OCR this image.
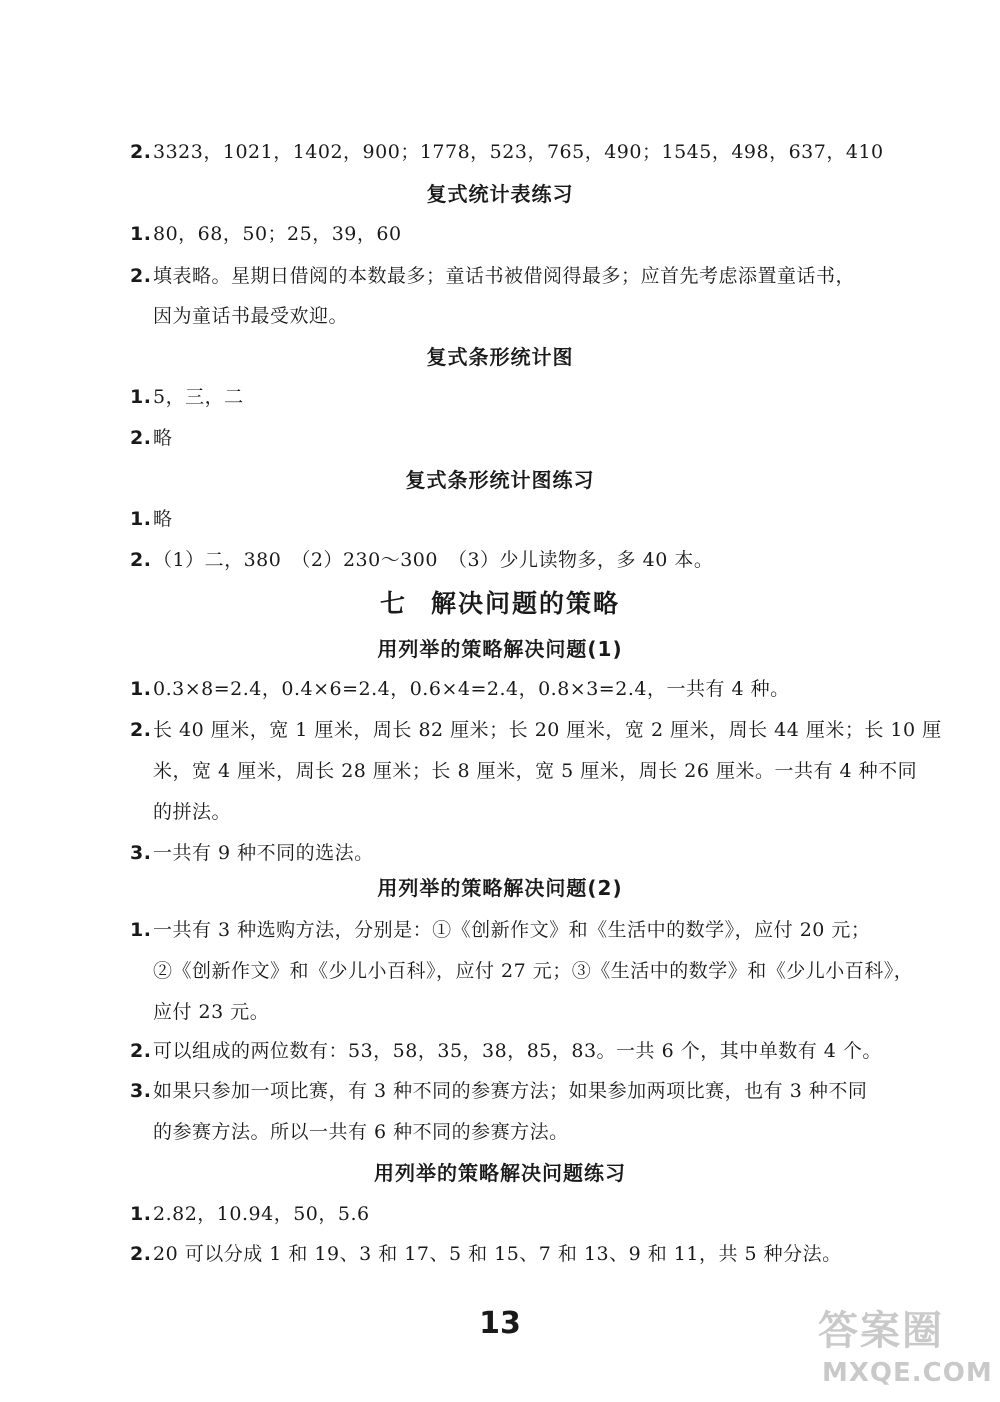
2.3323，1021，1402，900；1778，523，765，490；1545，498，637，410
复式统计表练习
1.80，68，50；25，39，60
2.填表略。星期日借阅的本数最多；童话书被借阅得最多；应首先考虑添置童话书，
因为童话书最受欢迎。
复式条形统计图
1.5，三，二
2.略
复式条形统计图练习
1.略
2.（1）二，380　（2）230～300　（3）少儿读物多，多 40 本。
七 解决问题的策略
用列举的策略解决问题(1)
1.0.3×8=2.4，0.4×6=2.4，0.6×4=2.4，0.8×3=2.4，一共有 4 种。
2.长 40 厘米，宽 1 厘米，周长 82 厘米；长 20 厘米，宽 2 厘米，周长 44 厘米；长 10 厘
米，宽 4 厘米，周长 28 厘米；长 8 厘米，宽 5 厘米，周长 26 厘米。一共有 4 种不同
的拼法。
3.一共有 9 种不同的选法。
用列举的策略解决问题(2)
1.一共有 3 种选购方法，分别是：①《创新作文》和《生活中的数学》，应付 20 元；
②《创新作文》和《少儿小百科》，应付 27 元；③《生活中的数学》和《少儿小百科》，
应付 23 元。
2.可以组成的两位数有：53，58，35，38，85，83。一共 6 个，其中单数有 4 个。
3.如果只参加一项比赛，有 3 种不同的参赛方法；如果参加两项比赛，也有 3 种不同
的参赛方法。所以一共有 6 种不同的参赛方法。
用列举的策略解决问题练习
1.2.82，10.94，50，5.6
2.20 可以分成 1 和 19、3 和 17、5 和 15、7 和 13、9 和 11，共 5 种分法。
13	答案圈
MXQE.COM
